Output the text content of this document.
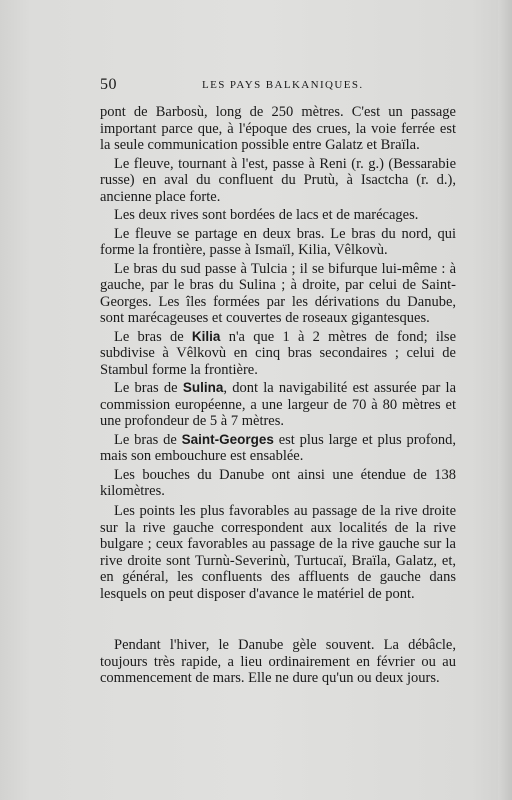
50	LES PAYS BALKANIQUES.

pont de Barbosù, long de 250 mètres. C'est un passage important parce que, à l'époque des crues, la voie ferrée est la seule communication possible entre Galatz et Braïla.

Le fleuve, tournant à l'est, passe à Reni (r. g.) (Bessarabie russe) en aval du confluent du Prutù, à Isactcha (r. d.), ancienne place forte.

Les deux rives sont bordées de lacs et de marécages.

Le fleuve se partage en deux bras. Le bras du nord, qui forme la frontière, passe à Ismaïl, Kilia, Vêlkovù.

Le bras du sud passe à Tulcia ; il se bifurque lui-même : à gauche, par le bras du Sulina ; à droite, par celui de Saint-Georges. Les îles formées par les dérivations du Danube, sont marécageuses et couvertes de roseaux gigantesques.

Le bras de Kilia n'a que 1 à 2 mètres de fond; ilse subdivise à Vêlkovù en cinq bras secondaires ; celui de Stambul forme la frontière.

Le bras de Sulina, dont la navigabilité est assurée par la commission européenne, a une largeur de 70 à 80 mètres et une profondeur de 5 à 7 mètres.

Le bras de Saint-Georges est plus large et plus profond, mais son embouchure est ensablée.

Les bouches du Danube ont ainsi une étendue de 138 kilomètres.

Les points les plus favorables au passage de la rive droite sur la rive gauche correspondent aux localités de la rive bulgare ; ceux favorables au passage de la rive gauche sur la rive droite sont Turnù-Severinù, Turtucaï, Braïla, Galatz, et, en général, les confluents des affluents de gauche dans lesquels on peut disposer d'avance le matériel de pont.

Pendant l'hiver, le Danube gèle souvent. La débâcle, toujours très rapide, a lieu ordinairement en février ou au commencement de mars. Elle ne dure qu'un ou deux jours.
